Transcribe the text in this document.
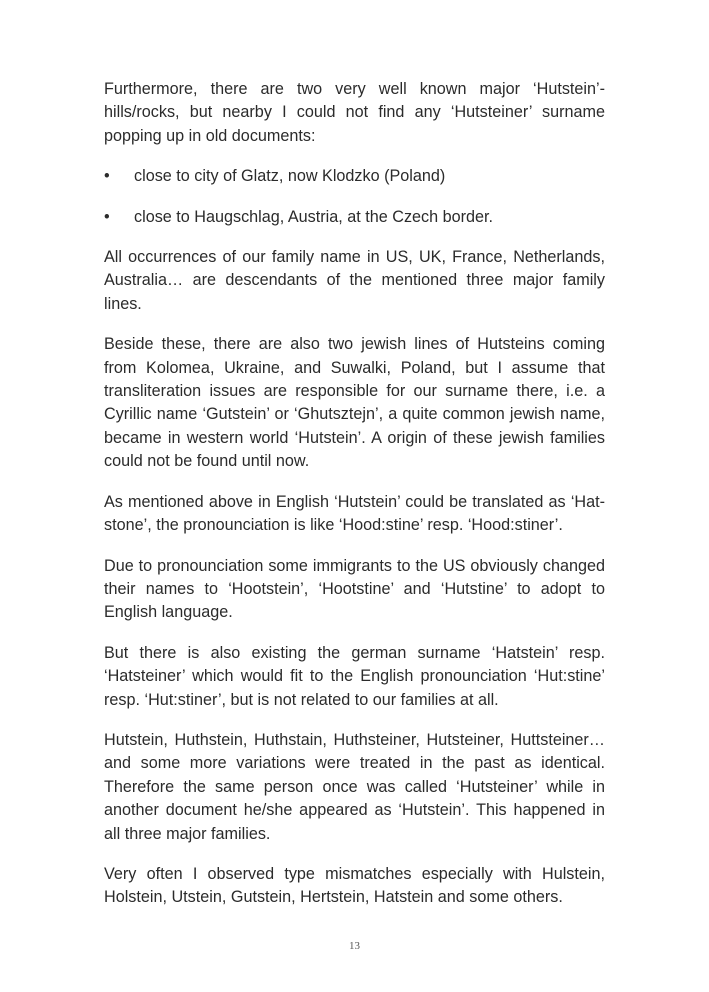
Furthermore, there are two very well known major ‘Hutstein’-hills/rocks, but nearby I could not find any ‘Hutsteiner’ surname popping up in old documents:

• close to city of Glatz, now Klodzko (Poland)
• close to Haugschlag, Austria, at the Czech border.

All occurrences of our family name in US, UK, France, Netherlands, Australia… are descendants of the mentioned three major family lines.

Beside these, there are also two jewish lines of Hutsteins coming from Kolomea, Ukraine, and Suwalki, Poland, but I assume that transliteration issues are responsible for our surname there, i.e. a Cyrillic name ‘Gutstein’ or ‘Ghutsztejn’, a quite common jewish name, became in western world ‘Hutstein’. A origin of these jewish families could not be found until now.

As mentioned above in English ‘Hutstein’ could be translated as ‘Hat-stone’, the pronounciation is like ‘Hood:stine’ resp. ‘Hood:stiner’.

Due to pronounciation some immigrants to the US obviously changed their names to ‘Hootstein’, ‘Hootstine’ and ‘Hutstine’ to adopt to English language.

But there is also existing the german surname ‘Hatstein’ resp. ‘Hatsteiner’ which would fit to the English pronounciation ‘Hut:stine’ resp. ‘Hut:stiner’, but is not related to our families at all.

Hutstein, Huthstein, Huthstain, Huthsteiner, Hutsteiner, Huttsteiner… and some more variations were treated in the past as identical. Therefore the same person once was called ‘Hutsteiner’ while in another document he/she appeared as ‘Hutstein’. This happened in all three major families.

Very often I observed type mismatches especially with Hulstein, Holstein, Utstein, Gutstein, Hertstein, Hatstein and some others.

13
